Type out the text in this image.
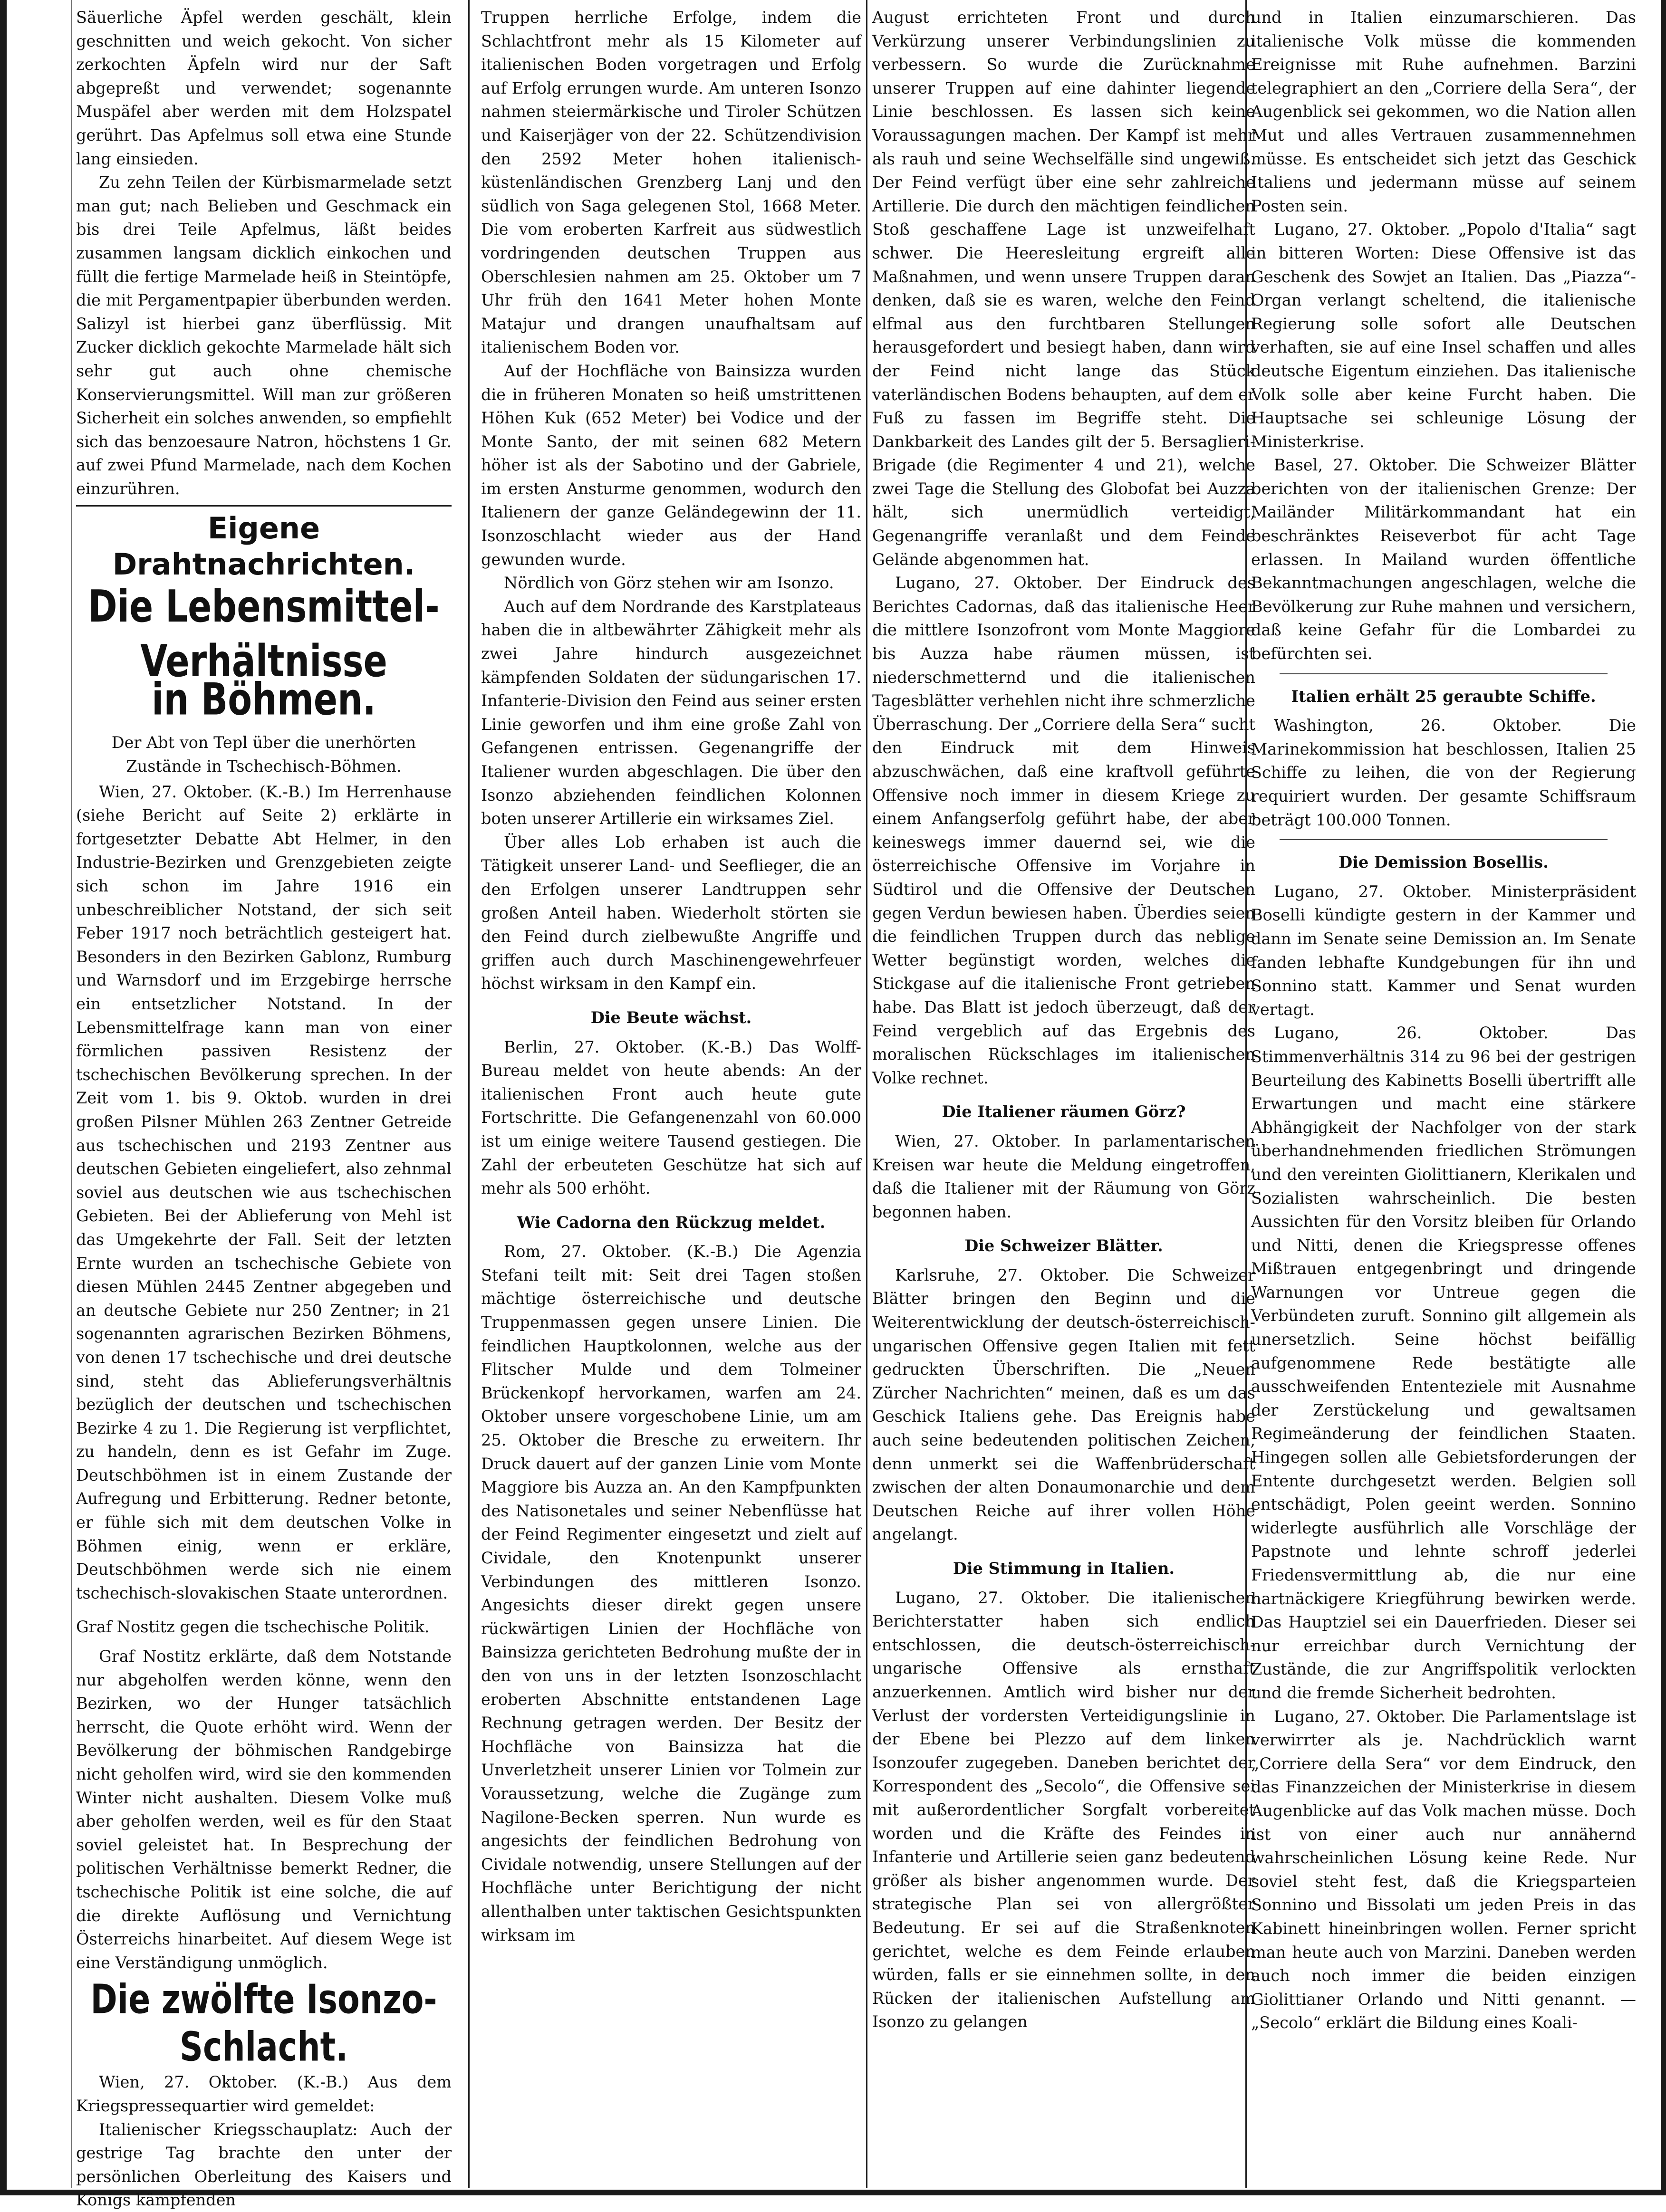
Säuerliche Äpfel werden geschält, klein geschnitten und weich gekocht. Von sicher zerkochten Äpfeln wird nur der Saft abgepreßt und verwendet; sogenannte Muspäfel aber werden mit dem Holzspatel gerührt. Das Apfelmus soll etwa eine Stunde lang einsieden.

Zu zehn Teilen der Kürbismarmelade setzt man gut; nach Belieben und Geschmack ein bis drei Teile Apfelmus, läßt beides zusammen langsam dicklich einkochen und füllt die fertige Marmelade heiß in Steintöpfe, die mit Pergamentpapier überbunden werden. Salizyl ist hierbei ganz überflüssig. Mit Zucker dicklich gekochte Marmelade hält sich sehr gut auch ohne chemische Konservierungsmittel. Will man zur größeren Sicherheit ein solches anwenden, so empfiehlt sich das benzoesaure Natron, höchstens 1 Gr. auf zwei Pfund Marmelade, nach dem Kochen einzurühren.

Eigene Drahtnachrichten.
Die Lebensmittel-Verhältnisse
in Böhmen.

Der Abt von Tepl über die unerhörten Zustände in Tschechisch-Böhmen.

Wien, 27. Oktober. (K.-B.) Im Herrenhause (siehe Bericht auf Seite 2) erklärte in fortgesetzter Debatte Abt Helmer, in den Industrie-Bezirken und Grenzgebieten zeigte sich schon im Jahre 1916 ein unbeschreiblicher Notstand, der sich seit Feber 1917 noch beträchtlich gesteigert hat. Besonders in den Bezirken Gablonz, Rumburg und Warnsdorf und im Erzgebirge herrsche ein entsetzlicher Notstand. In der Lebensmittelfrage kann man von einer förmlichen passiven Resistenz der tschechischen Bevölkerung sprechen. In der Zeit vom 1. bis 9. Oktob. wurden in drei großen Pilsner Mühlen 263 Zentner Getreide aus tschechischen und 2193 Zentner aus deutschen Gebieten eingeliefert, also zehnmal soviel aus deutschen wie aus tschechischen Gebieten. Bei der Ablieferung von Mehl ist das Umgekehrte der Fall. Seit der letzten Ernte wurden an tschechische Gebiete von diesen Mühlen 2445 Zentner abgegeben und an deutsche Gebiete nur 250 Zentner; in 21 sogenannten agrarischen Bezirken Böhmens, von denen 17 tschechische und drei deutsche sind, steht das Ablieferungsverhältnis bezüglich der deutschen und tschechischen Bezirke 4 zu 1. Die Regierung ist verpflichtet, zu handeln, denn es ist Gefahr im Zuge. Deutschböhmen ist in einem Zustande der Aufregung und Erbitterung. Redner betonte, er fühle sich mit dem deutschen Volke in Böhmen einig, wenn er erkläre, Deutschböhmen werde sich nie einem tschechisch-slovakischen Staate unterordnen.

Graf Nostitz gegen die tschechische Politik.

Graf Nostitz erklärte, daß dem Notstande nur abgeholfen werden könne, wenn den Bezirken, wo der Hunger tatsächlich herrscht, die Quote erhöht wird. Wenn der Bevölkerung der böhmischen Randgebirge nicht geholfen wird, wird sie den kommenden Winter nicht aushalten. Diesem Volke muß aber geholfen werden, weil es für den Staat soviel geleistet hat. In Besprechung der politischen Verhältnisse bemerkt Redner, die tschechische Politik ist eine solche, die auf die direkte Auflösung und Vernichtung Österreichs hinarbeitet. Auf diesem Wege ist eine Verständigung unmöglich.

Die zwölfte Isonzo-Schlacht.

Wien, 27. Oktober. (K.-B.) Aus dem Kriegspressequartier wird gemeldet:

Italienischer Kriegsschauplatz: Auch der gestrige Tag brachte den unter der persönlichen Oberleitung des Kaisers und Königs kämpfenden

Truppen herrliche Erfolge, indem die Schlachtfront mehr als 15 Kilometer auf italienischen Boden vorgetragen und Erfolg auf Erfolg errungen wurde. Am unteren Isonzo nahmen steiermärkische und Tiroler Schützen und Kaiserjäger von der 22. Schützendivision den 2592 Meter hohen italienisch-küstenländischen Grenzberg Lanj und den südlich von Saga gelegenen Stol, 1668 Meter. Die vom eroberten Karfreit aus südwestlich vordringenden deutschen Truppen aus Oberschlesien nahmen am 25. Oktober um 7 Uhr früh den 1641 Meter hohen Monte Matajur und drangen unaufhaltsam auf italienischem Boden vor.

Auf der Hochfläche von Bainsizza wurden die in früheren Monaten so heiß umstrittenen Höhen Kuk (652 Meter) bei Vodice und der Monte Santo, der mit seinen 682 Metern höher ist als der Sabotino und der Gabriele, im ersten Ansturme genommen, wodurch den Italienern der ganze Geländegewinn der 11. Isonzoschlacht wieder aus der Hand gewunden wurde.

Nördlich von Görz stehen wir am Isonzo.

Auch auf dem Nordrande des Karstplateaus haben die in altbewährter Zähigkeit mehr als zwei Jahre hindurch ausgezeichnet kämpfenden Soldaten der südungarischen 17. Infanterie-Division den Feind aus seiner ersten Linie geworfen und ihm eine große Zahl von Gefangenen entrissen. Gegenangriffe der Italiener wurden abgeschlagen. Die über den Isonzo abziehenden feindlichen Kolonnen boten unserer Artillerie ein wirksames Ziel.

Über alles Lob erhaben ist auch die Tätigkeit unserer Land- und Seeflieger, die an den Erfolgen unserer Landtruppen sehr großen Anteil haben. Wiederholt störten sie den Feind durch zielbewußte Angriffe und griffen auch durch Maschinengewehrfeuer höchst wirksam in den Kampf ein.

Die Beute wächst.

Berlin, 27. Oktober. (K.-B.) Das Wolff-Bureau meldet von heute abends: An der italienischen Front auch heute gute Fortschritte. Die Gefangenenzahl von 60.000 ist um einige weitere Tausend gestiegen. Die Zahl der erbeuteten Geschütze hat sich auf mehr als 500 erhöht.

Wie Cadorna den Rückzug meldet.

Rom, 27. Oktober. (K.-B.) Die Agenzia Stefani teilt mit: Seit drei Tagen stoßen mächtige österreichische und deutsche Truppenmassen gegen unsere Linien. Die feindlichen Hauptkolonnen, welche aus der Flitscher Mulde und dem Tolmeiner Brückenkopf hervorkamen, warfen am 24. Oktober unsere vorgeschobene Linie, um am 25. Oktober die Bresche zu erweitern. Ihr Druck dauert auf der ganzen Linie vom Monte Maggiore bis Auzza an. An den Kampfpunkten des Natisonetales und seiner Nebenflüsse hat der Feind Regimenter eingesetzt und zielt auf Cividale, den Knotenpunkt unserer Verbindungen des mittleren Isonzo. Angesichts dieser direkt gegen unsere rückwärtigen Linien der Hochfläche von Bainsizza gerichteten Bedrohung mußte der in den von uns in der letzten Isonzoschlacht eroberten Abschnitte entstandenen Lage Rechnung getragen werden. Der Besitz der Hochfläche von Bainsizza hat die Unverletzheit unserer Linien vor Tolmein zur Voraussetzung, welche die Zugänge zum Nagilone-Becken sperren. Nun wurde es angesichts der feindlichen Bedrohung von Cividale notwendig, unsere Stellungen auf der Hochfläche unter Berichtigung der nicht allenthalben unter taktischen Gesichtspunkten wirksam im

August errichteten Front und durch Verkürzung unserer Verbindungslinien zu verbessern. So wurde die Zurücknahme unserer Truppen auf eine dahinter liegende Linie beschlossen. Es lassen sich keine Voraussagungen machen. Der Kampf ist mehr als rauh und seine Wechselfälle sind ungewiß. Der Feind verfügt über eine sehr zahlreiche Artillerie. Die durch den mächtigen feindlichen Stoß geschaffene Lage ist unzweifelhaft schwer. Die Heeresleitung ergreift alle Maßnahmen, und wenn unsere Truppen daran denken, daß sie es waren, welche den Feind elfmal aus den furchtbaren Stellungen herausgefordert und besiegt haben, dann wird der Feind nicht lange das Stück vaterländischen Bodens behaupten, auf dem er Fuß zu fassen im Begriffe steht. Die Dankbarkeit des Landes gilt der 5. Bersaglieri-Brigade (die Regimenter 4 und 21), welche zwei Tage die Stellung des Globofat bei Auzza hält, sich unermüdlich verteidigt, Gegenangriffe veranlaßt und dem Feinde Gelände abgenommen hat.

Lugano, 27. Oktober. Der Eindruck des Berichtes Cadornas, daß das italienische Heer die mittlere Isonzofront vom Monte Maggiore bis Auzza habe räumen müssen, ist niederschmetternd und die italienischen Tagesblätter verhehlen nicht ihre schmerzliche Überraschung. Der „Corriere della Sera“ sucht den Eindruck mit dem Hinweis abzuschwächen, daß eine kraftvoll geführte Offensive noch immer in diesem Kriege zu einem Anfangserfolg geführt habe, der aber keineswegs immer dauernd sei, wie die österreichische Offensive im Vorjahre in Südtirol und die Offensive der Deutschen gegen Verdun bewiesen haben. Überdies seien die feindlichen Truppen durch das neblige Wetter begünstigt worden, welches die Stickgase auf die italienische Front getrieben habe. Das Blatt ist jedoch überzeugt, daß der Feind vergeblich auf das Ergebnis des moralischen Rückschlages im italienischen Volke rechnet.

Die Italiener räumen Görz?

Wien, 27. Oktober. In parlamentarischen Kreisen war heute die Meldung eingetroffen, daß die Italiener mit der Räumung von Görz begonnen haben.

Die Schweizer Blätter.

Karlsruhe, 27. Oktober. Die Schweizer Blätter bringen den Beginn und die Weiterentwicklung der deutsch-österreichisch-ungarischen Offensive gegen Italien mit fett gedruckten Überschriften. Die „Neuen Zürcher Nachrichten“ meinen, daß es um das Geschick Italiens gehe. Das Ereignis habe auch seine bedeutenden politischen Zeichen, denn unmerkt sei die Waffenbrüderschaft zwischen der alten Donaumonarchie und dem Deutschen Reiche auf ihrer vollen Höhe angelangt.

Die Stimmung in Italien.

Lugano, 27. Oktober. Die italienischen Berichterstatter haben sich endlich entschlossen, die deutsch-österreichisch-ungarische Offensive als ernsthaft anzuerkennen. Amtlich wird bisher nur der Verlust der vordersten Verteidigungslinie in der Ebene bei Plezzo auf dem linken Isonzoufer zugegeben. Daneben berichtet der Korrespondent des „Secolo“, die Offensive sei mit außerordentlicher Sorgfalt vorbereitet worden und die Kräfte des Feindes in Infanterie und Artillerie seien ganz bedeutend größer als bisher angenommen wurde. Der strategische Plan sei von allergrößter Bedeutung. Er sei auf die Straßenknoten gerichtet, welche es dem Feinde erlauben würden, falls er sie einnehmen sollte, in den Rücken der italienischen Aufstellung am Isonzo zu gelangen

und in Italien einzumarschieren. Das italienische Volk müsse die kommenden Ereignisse mit Ruhe aufnehmen. Barzini telegraphiert an den „Corriere della Sera“, der Augenblick sei gekommen, wo die Nation allen Mut und alles Vertrauen zusammennehmen müsse. Es entscheidet sich jetzt das Geschick Italiens und jedermann müsse auf seinem Posten sein.

Lugano, 27. Oktober. „Popolo d'Italia“ sagt in bitteren Worten: Diese Offensive ist das Geschenk des Sowjet an Italien. Das „Piazza“-Organ verlangt scheltend, die italienische Regierung solle sofort alle Deutschen verhaften, sie auf eine Insel schaffen und alles deutsche Eigentum einziehen. Das italienische Volk solle aber keine Furcht haben. Die Hauptsache sei schleunige Lösung der Ministerkrise.

Basel, 27. Oktober. Die Schweizer Blätter berichten von der italienischen Grenze: Der Mailänder Militärkommandant hat ein beschränktes Reiseverbot für acht Tage erlassen. In Mailand wurden öffentliche Bekanntmachungen angeschlagen, welche die Bevölkerung zur Ruhe mahnen und versichern, daß keine Gefahr für die Lombardei zu befürchten sei.

Italien erhält 25 geraubte Schiffe.

Washington, 26. Oktober. Die Marinekommission hat beschlossen, Italien 25 Schiffe zu leihen, die von der Regierung requiriert wurden. Der gesamte Schiffsraum beträgt 100.000 Tonnen.

Die Demission Bosellis.

Lugano, 27. Oktober. Ministerpräsident Boselli kündigte gestern in der Kammer und dann im Senate seine Demission an. Im Senate fanden lebhafte Kundgebungen für ihn und Sonnino statt. Kammer und Senat wurden vertagt.

Lugano, 26. Oktober. Das Stimmenverhältnis 314 zu 96 bei der gestrigen Beurteilung des Kabinetts Boselli übertrifft alle Erwartungen und macht eine stärkere Abhängigkeit der Nachfolger von der stark überhandnehmenden friedlichen Strömungen und den vereinten Giolittianern, Klerikalen und Sozialisten wahrscheinlich. Die besten Aussichten für den Vorsitz bleiben für Orlando und Nitti, denen die Kriegspresse offenes Mißtrauen entgegenbringt und dringende Warnungen vor Untreue gegen die Verbündeten zuruft. Sonnino gilt allgemein als unersetzlich. Seine höchst beifällig aufgenommene Rede bestätigte alle ausschweifenden Ententeziele mit Ausnahme der Zerstückelung und gewaltsamen Regimeänderung der feindlichen Staaten. Hingegen sollen alle Gebietsforderungen der Entente durchgesetzt werden. Belgien soll entschädigt, Polen geeint werden. Sonnino widerlegte ausführlich alle Vorschläge der Papstnote und lehnte schroff jederlei Friedensvermittlung ab, die nur eine hartnäckigere Kriegführung bewirken werde. Das Hauptziel sei ein Dauerfrieden. Dieser sei nur erreichbar durch Vernichtung der Zustände, die zur Angriffspolitik verlockten und die fremde Sicherheit bedrohten.

Lugano, 27. Oktober. Die Parlamentslage ist verwirrter als je. Nachdrücklich warnt „Corriere della Sera“ vor dem Eindruck, den das Finanzzeichen der Ministerkrise in diesem Augenblicke auf das Volk machen müsse. Doch ist von einer auch nur annähernd wahrscheinlichen Lösung keine Rede. Nur soviel steht fest, daß die Kriegsparteien Sonnino und Bissolati um jeden Preis in das Kabinett hineinbringen wollen. Ferner spricht man heute auch von Marzini. Daneben werden auch noch immer die beiden einzigen Giolittianer Orlando und Nitti genannt. — „Secolo“ erklärt die Bildung eines Koali-
